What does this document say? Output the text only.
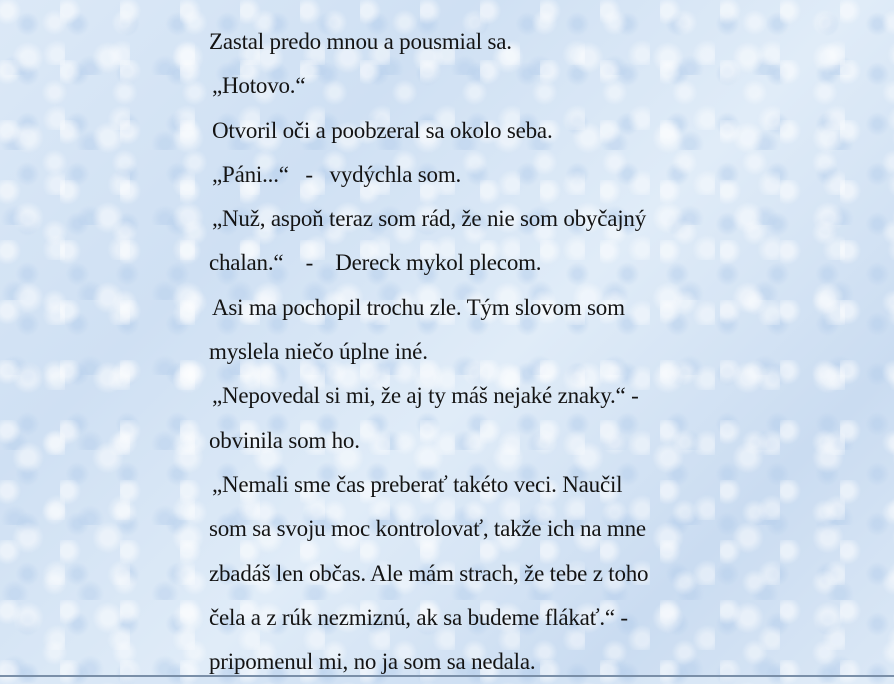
Zastal predo mnou a pousmial sa.
„Hotovo.“
Otvoril oči a poobzeral sa okolo seba.
„Páni...“   -   vydýchla som.
„Nuž, aspoň teraz som rád, že nie som obyčajný
chalan.“    -    Dereck mykol plecom.
Asi ma pochopil trochu zle. Tým slovom som
myslela niečo úplne iné.
„Nepovedal si mi, že aj ty máš nejaké znaky.“ -
obvinila som ho.
„Nemali sme čas preberať takéto veci. Naučil
som sa svoju moc kontrolovať, takže ich na mne
zbadáš len občas. Ale mám strach, že tebe z toho
čela a z rúk nezmiznú, ak sa budeme flákať.“ -
pripomenul mi, no ja som sa nedala.
